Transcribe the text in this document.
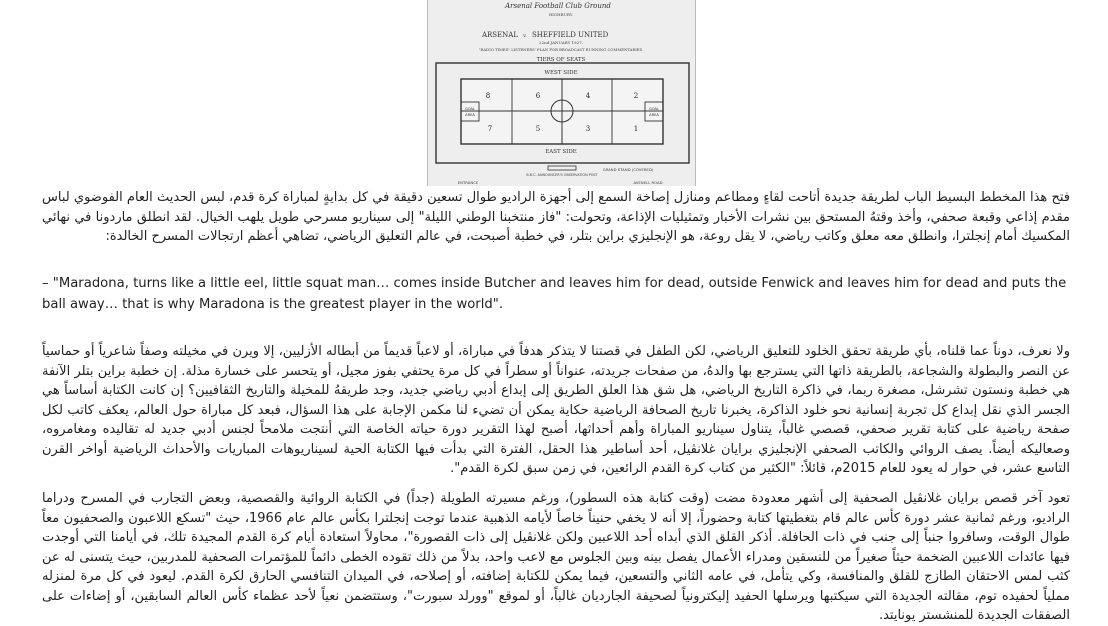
Arsenal Football Club Ground
HIGHBURY.
ARSENAL v. SHEFFIELD UNITED
22nd JANUARY 1927.
"RADIO TIMES" LISTENERS' PLAN FOR BROADCAST RUNNING COMMENTARIES.
TIERS OF SEATS
WEST SIDE
GOAL
AREA
GOAL
AREA
8	6	4	2
7	5	3	1
EAST SIDE
B.B.C. ANNOUNCER'S OBSERVATION POST
GRAND STAND (COVERED)
ENTRANCE	AVENELL ROAD

فتح هذا المخطط البسيط الباب لطريقة جديدة أتاحت لقاءٍ ومطاعم ومنازل إصاخة السمع إلى أجهزة الراديو طوال تسعين دقيقة في كل بدايةٍ لمباراة كرة قدم، لبس الحديث العام الفوضوي لباس مقدم إذاعي وقبعة صحفي، وأخذ وقتهُ المستحق بين نشرات الأخبار وتمثيليات الإذاعة، وتحولت: "فاز منتخبنا الوطني الليلة" إلى سيناريو مسرحي طويل يلهب الخيال. لقد انطلق ماردونا في نهائي المكسيك أمام إنجلترا، وانطلق معه معلق وكاتب رياضي، لا يقل روعة، هو الإنجليزي براين بتلر، في خطبة أصبحت، في عالم التعليق الرياضي، تضاهي أعظم ارتجالات المسرح الخالدة:

– "Maradona, turns like a little eel, little squat man… comes inside Butcher and leaves him for dead, outside Fenwick and leaves him for dead and puts the ball away… that is why Maradona is the greatest player in the world".

ولا نعرف، دوناً عما قلناه، بأي طريقة تحقق الخلود للتعليق الرياضي، لكن الطفل في قصتنا لا يتذكر هدفاً في مباراة، أو لاعباً قديماً من أبطاله الأزليين، إلا ويرن في مخيلته وصفاً شاعرياً أو حماسياً عن النصر والبطولة والشجاعة، بالطريقة ذاتها التي يسترجع بها والدهُ، من صفحات جريدته، عنواناً أو سطراً في كل مرة يحتفي بفوز مجيل، أو يتحسر على خسارة مذلة. إن خطبة براين بتلر الآنفة هي خطبة ونستون تشرشل، مصغرة ربما، في ذاكرة التاريخ الرياضي، هل شق هذا العلق الطريق إلى إبداع أدبي رياضي جديد، وجد طريقهُ للمخيلة والتاريخ الثقافيين؟ إن كانت الكتابة أساساً هي الجسر الذي نقل إبداع كل تجربة إنسانية نحو خلود الذاكرة، يخبرنا تاريخ الصحافة الرياضية حكاية يمكن أن تضيء لنا مكمن الإجابة على هذا السؤال، فبعد كل مباراة حول العالم، يعكف كاتب لكل صفحة رياضية على كتابة تقرير صحفي، قصصي غالباً، يتناول سيناريو المباراة وأهم أحداثها، أصبح لهذا التقرير دورة حياته الخاصة التي أنتجت ملامحاً لجنس أدبي جديد له تقاليده ومغامروه، وصعاليكه أيضاً. يصف الروائي والكاتب الصحفي الإنجليزي برايان غلانڤيل، أحد أساطير هذا الحقل، الفترة التي بدأت فيها الكتابة الحية لسيناريوهات المباريات والأحداث الرياضية أواخر القرن التاسع عشر، في حوار له يعود للعام 2015م، قائلاً: "الكثير من كتاب كرة القدم الرائعين، في زمن سبق لكرة القدم".

تعود آخر قصص برايان غلانڤيل الصحفية إلى أشهر معدودة مضت (وقت كتابة هذه السطور)، ورغم مسيرته الطويلة (جداً) في الكتابة الروائية والقصصية، وبعض التجارب في المسرح ودراما الراديو، ورغم ثمانية عشر دورة كأس عالم قام بتغطيتها كتابة وحضوراً، إلا أنه لا يخفي حنيناً خاصاً لأيامه الذهبية عندما توجت إنجلترا بكأس عالم عام 1966، حيث "تسكع اللاعبون والصحفيون معاً طوال الوقت، وسافروا جنباً إلى جنب في ذات الحافلة. أذكر القلق الذي أبداه أحد اللاعبين ولكن غلانڤيل إلى ذات القصورة"، محاولاً استعادة أيام كرة القدم المجيدة تلك، في أيامنا التي أوجدت فيها عائدات اللاعبين الضخمة حيثاً صغيراً من للنسقين ومدراء الأعمال يفصل بينه وبين الجلوس مع لاعب واحد، بدلاً من ذلك تقوده الخطى دائماً للمؤتمرات الصحفية للمدربين، حيث يتسنى له عن كثب لمس الاحتقان الطازج للقلق والمنافسة، وكي يتأمل، في عامه الثاني والتسعين، فيما يمكن للكتابة إضافته، أو إصلاحه، في الميدان التنافسي الحارق لكرة القدم. ليعود في كل مرة لمنزله مملياً لحفيده توم، مقالته الجديدة التي سيكتبها ويرسلها الحفيد إليكترونياً لصحيفة الجارديان غالباً، أو لموقع "وورلد سبورت"، وستتضمن نعياً لأحد عظماء كأس العالم السابقين، أو إضاءات على الصفقات الجديدة للمنشستر يونايتد.
